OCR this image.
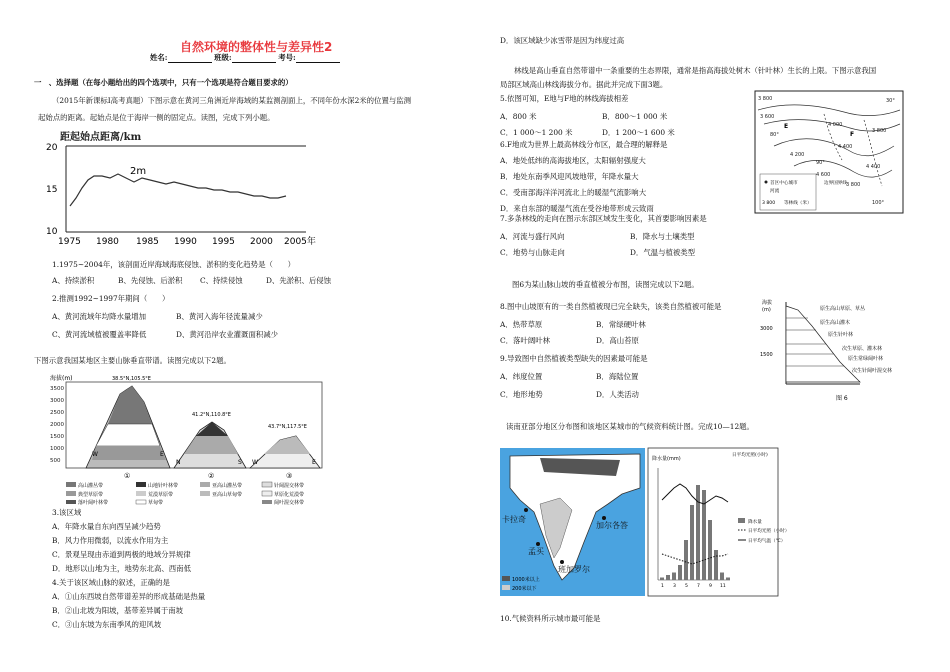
自然环境的整体性与差异性2
姓名:	班级:	考号:
一　、选择题（在每小题给出的四个选项中，只有一个选项是符合题目要求的）
（2015年新课标Ⅰ高考真题）下图示意在黄河三角洲近岸海域的某监测剖面上，不同年份水深2米的位置与监测
起始点的距离。起始点是位于海岸一侧的固定点。读图，完成下列小题。
距起始点距离/km
20
15
10
1975 1980 1985 1990 1995 2000 2005年
2m
1.1975~2004年，该剖面近岸海域海底侵蚀、淤积的变化趋势是（　　）
A、持续淤积	B、先侵蚀、后淤积 C、持续侵蚀	D、先淤积、后侵蚀
2.推测1992~1997年期间（　　）
A、黄河流域年均降水量增加	B、黄河入海年径流量减少
C、黄河流域植被覆盖率降低	D、黄河沿岸农业灌溉面积减少
下图示意我国某地区主要山脉垂直带谱。读图完成以下2题。
海拔(m)
3500
3000
2500
2000
1500
1000
500
38.5°N,105.5°E
W	E
①
41.2°N,110.8°E
N	S
②
43.7°N,117.5°E
W	E
③
高山灌丛带	山地针叶林带	亚高山灌丛带	针阔混交林带
典型草原带	荒漠草原带	亚高山草甸带	草原化荒漠带
落叶阔叶林带	草甸带	阔叶混交林带
3.该区域
A．年降水量自东向西呈减少趋势
B．风力作用微弱，以流水作用为主
C．景观呈现由赤道到两极的地域分异规律
D．地形以山地为主，地势东北高、西南低
4.关于该区域山脉的叙述，正确的是
A．①山东西坡自然带谱差异的形成基础是热量
B．②山北坡为阳坡，基带差异属于南坡
C．③山东坡为东南季风的迎风坡
D．该区域缺少冰雪带是因为纬度过高
林线是高山垂直自然带谱中一条重要的生态界限，通常是指高海拔处树木（针叶林）生长的上限。下图示意我国
局部区域高山林线海拔分布。据此并完成下面3题。
5.依图可知，E地与F地的林线海拔相差
A．800 米	B．800～1 000 米
C．1 000～1 200 米	D．1 200～1 600 米
6.F地成为世界上最高林线分布区，最合理的解释是
A．地处低纬的高海拔地区，太阳辐射强度大
B．地处东南季风迎风坡地带，年降水量大
C．受南部海洋洋河流北上的暖湿气流影响大
D．来自东部的暖湿气流在受谷地带形成云致雨
7.多条林线的走向在图示东部区域发生变化，其首要影响因素是
A．河流与盛行风向	B．降水与土壤类型
C．地势与山脉走向	D．气温与植被类型
3 800
3 600
4 000
3 800
4 200
4 400
4 400
3 800
4 600
30°
80°
90°
100°
E
F
首区中心城市
3 800 等林线（米）
河流
边界国界线
图6为某山脉山坡的垂直植被分布图，读图完成以下2题。
8.图中山坡原有的一类自然植被现已完全缺失，该类自然植被可能是
A．热带草原	B．常绿硬叶林
C．落叶阔叶林	D．高山苔原
9.导致图中自然植被类型缺失的因素最可能是
A．纬度位置	B．海陆位置
C．地形地势	D．人类活动
海拔
(m)
3000
1500
原生高山草原、草丛
原生高山灌木
原生针叶林
次生草原、灌木林
原生常绿阔叶林
次生针阔叶混交林
图 6
读南亚部分地区分布图和该地区某城市的气候资料统计图。完成10—12题。
卡拉奇
加尔各答
孟买
班加罗尔
1000米以上
200米以下
降水量(mm)
日平均光照(小时)
1 3 5 7 9 11
降水量
日平均光照（小时）
日平均气温（℃）
10.气候资料所示城市最可能是
